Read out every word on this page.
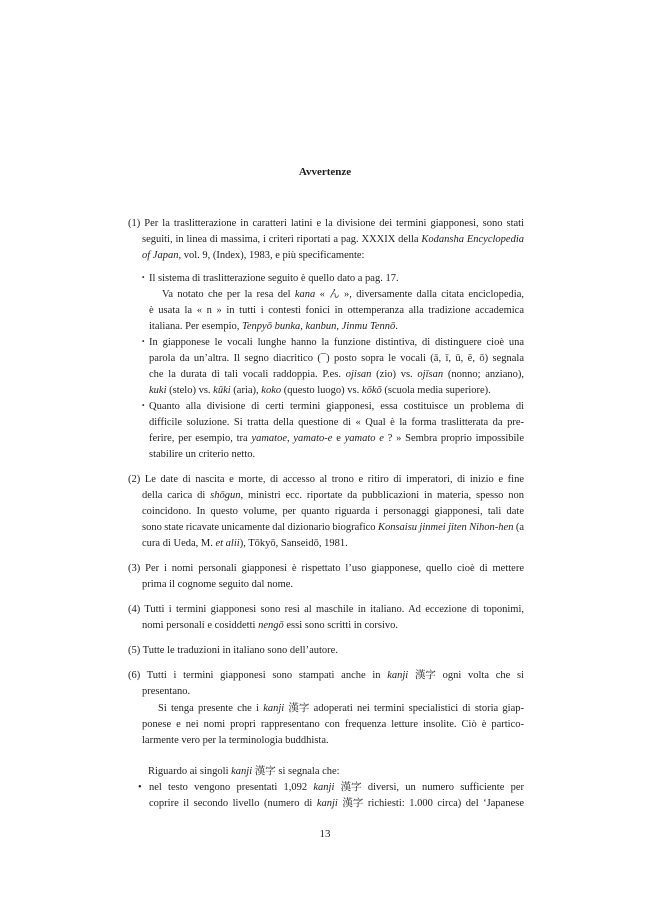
Avvertenze
(1) Per la traslitterazione in caratteri latini e la divisione dei termini giapponesi, sono stati
seguiti, in linea di massima, i criteri riportati a pag. XXXIX della Kodansha Encyclopedia
of Japan, vol. 9, (Index), 1983, e più specificamente:
・ Il sistema di traslitterazione seguito è quello dato a pag. 17.
Va notato che per la resa del kana « ん », diversamente dalla citata enciclopedia,
è usata la « n » in tutti i contesti fonici in ottemperanza alla tradizione accademica
italiana. Per esempio, Tenpyō bunka, kanbun, Jinmu Tennō.
・ In giapponese le vocali lunghe hanno la funzione distintiva, di distinguere cioè una
parola da un’altra. Il segno diacritico (¯) posto sopra le vocali (ā, ī, ū, ē, ō) segnala
che la durata di tali vocali raddoppia. P.es. ojisan (zio) vs. ojīsan (nonno; anziano),
kuki (stelo) vs. kūki (aria), koko (questo luogo) vs. kōkō (scuola media superiore).
・ Quanto alla divisione di certi termini giapponesi, essa costituisce un problema di
difficile soluzione. Si tratta della questione di « Qual è la forma traslitterata da pre-
ferire, per esempio, tra yamatoe, yamato-e e yamato e ? » Sembra proprio impossibile
stabilire un criterio netto.
(2) Le date di nascita e morte, di accesso al trono e ritiro di imperatori, di inizio e fine
della carica di shōgun, ministri ecc. riportate da pubblicazioni in materia, spesso non
coincidono. In questo volume, per quanto riguarda i personaggi giapponesi, tali date
sono state ricavate unicamente dal dizionario biografico Konsaisu jinmei jiten Nihon-hen (a
cura di Ueda, M. et alii), Tōkyō, Sanseidō, 1981.
(3) Per i nomi personali giapponesi è rispettato l’uso giapponese, quello cioè di mettere
prima il cognome seguito dal nome.
(4) Tutti i termini giapponesi sono resi al maschile in italiano. Ad eccezione di toponimi,
nomi personali e cosiddetti nengō essi sono scritti in corsivo.
(5) Tutte le traduzioni in italiano sono dell’autore.
(6) Tutti i termini giapponesi sono stampati anche in kanji 漢字 ogni volta che si
presentano.
Si tenga presente che i kanji 漢字 adoperati nei termini specialistici di storia giap-
ponese e nei nomi propri rappresentano con frequenza letture insolite. Ciò è partico-
larmente vero per la terminologia buddhista.
Riguardo ai singoli kanji 漢字 si segnala che:
• nel testo vengono presentati 1,092 kanji 漢字 diversi, un numero sufficiente per
coprire il secondo livello (numero di kanji 漢字 richiesti: 1.000 circa) del ‘Japanese
13
